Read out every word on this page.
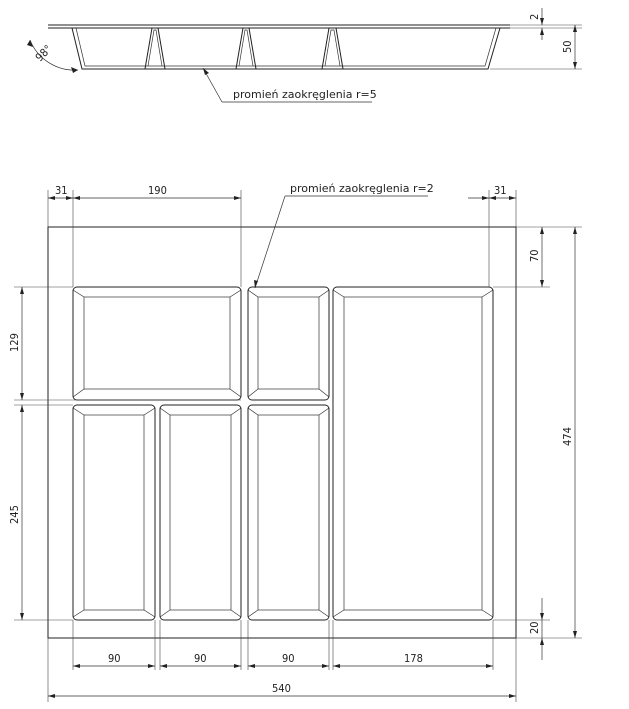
98°
2
50
promień zaokręglenia r=5
31	190	31
promień zaokręglenia r=2
70
474
20
129
245
90	90	90	178
540
